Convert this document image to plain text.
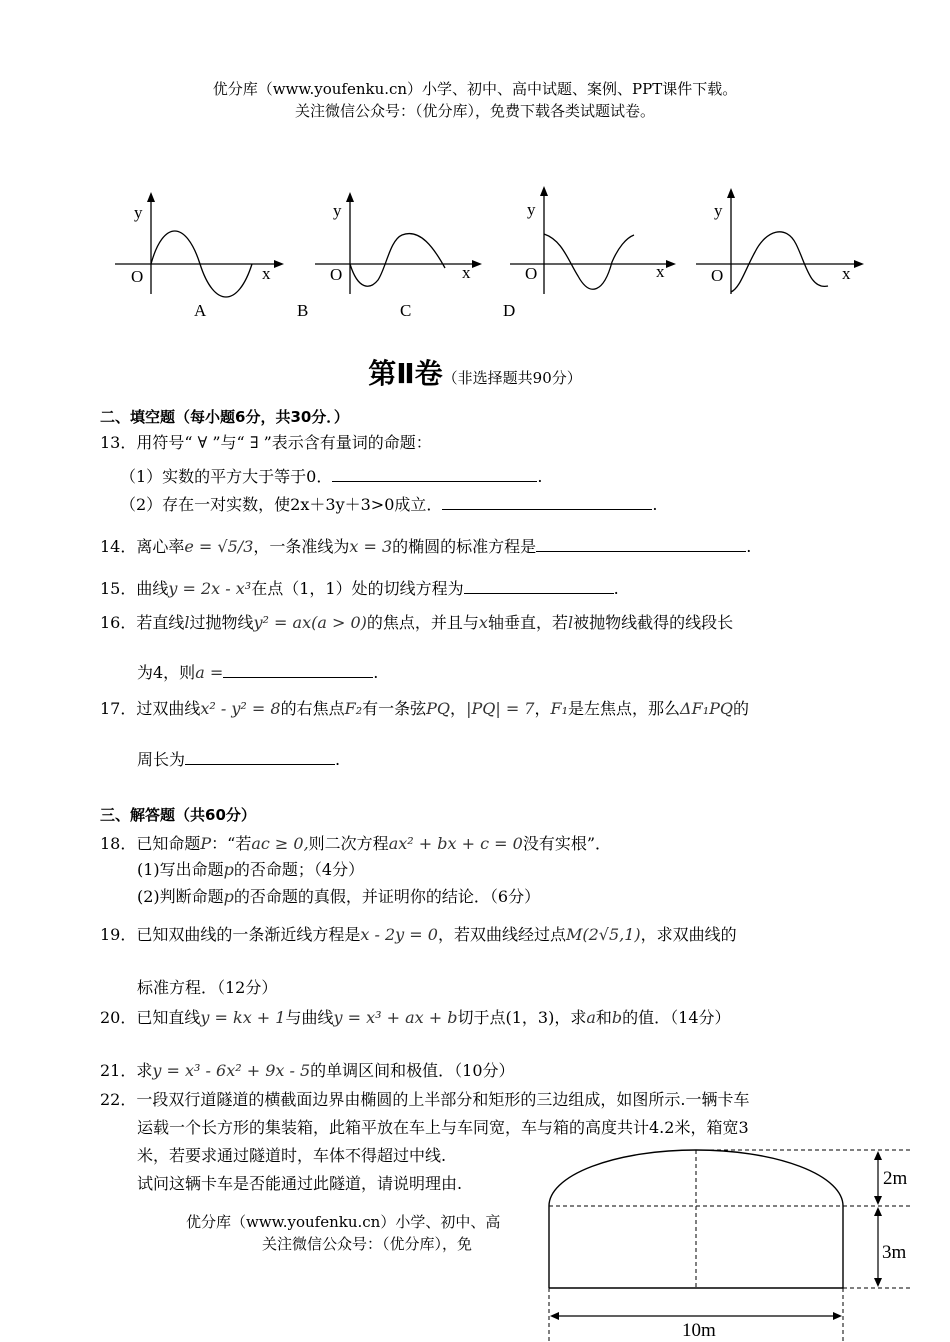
优分库（www.youfenku.cn）小学、初中、高中试题、案例、PPT课件下载。
关注微信公众号：（优分库），免费下载各类试题试卷。
y
O	x
y
O	x
y
O	x
y
O	x
A	B	C	D
第Ⅱ卷（非选择题共90分）
二、填空题（每小题6分，共30分．）
13．用符号“ ∀ ”与“ ∃ ”表示含有量词的命题：
（1）实数的平方大于等于0．	.
（2）存在一对实数，使2x＋3y＋3>0成立．	.
14．离心率e = √5/3，一条准线为x = 3的椭圆的标准方程是	.
15．曲线y = 2x - x³在点（1，1）处的切线方程为	.
16．若直线l过抛物线y² = ax(a > 0)的焦点，并且与x轴垂直，若l被抛物线截得的线段长
为4，则a =	.
17．过双曲线x² - y² = 8的右焦点F₂有一条弦PQ，|PQ| = 7，F₁是左焦点，那么ΔF₁PQ的
周长为	.
三、解答题（共60分）
18．已知命题P：“若ac ≥ 0,则二次方程ax² + bx + c = 0没有实根”．
(1)写出命题p的否命题；（4分）
(2)判断命题p的否命题的真假，并证明你的结论．（6分）
19．已知双曲线的一条渐近线方程是x - 2y = 0，若双曲线经过点M(2√5,1)，求双曲线的
标准方程．（12分）
20．已知直线y = kx + 1与曲线y = x³ + ax + b切于点(1，3)，求a和b的值．（14分）
21．求y = x³ - 6x² + 9x - 5的单调区间和极值．（10分）
22．一段双行道隧道的横截面边界由椭圆的上半部分和矩形的三边组成，如图所示.一辆卡车
运载一个长方形的集装箱，此箱平放在车上与车同宽，车与箱的高度共计4.2米，箱宽3
米，若要求通过隧道时，车体不得超过中线.
试问这辆卡车是否能通过此隧道，请说明理由.
优分库（www.youfenku.cn）小学、初中、高
关注微信公众号：（优分库），免
2m
3m
10m
